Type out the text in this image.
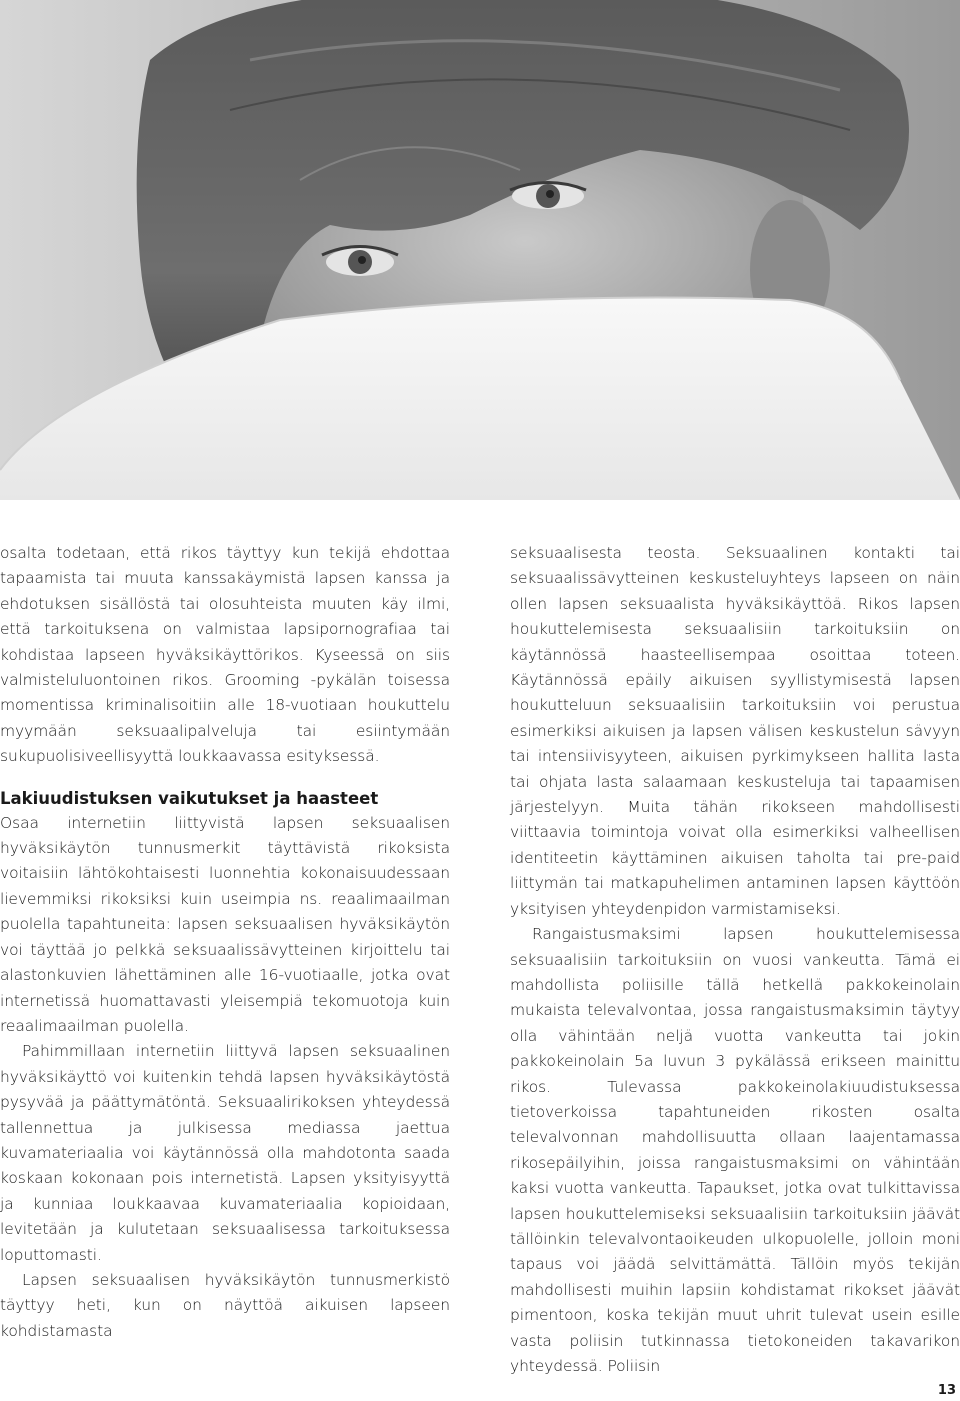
osalta todetaan, että rikos täyttyy kun tekijä ehdottaa tapaamista tai muuta kanssakäymistä lapsen kanssa ja ehdotuksen sisällöstä tai olosuhteista muuten käy ilmi, että tarkoituksena on valmistaa lapsipornografiaa tai kohdistaa lapseen hyväksikäyttörikos. Kyseessä on siis valmisteluluontoinen rikos. Grooming -pykälän toisessa momentissa kriminalisoitiin alle 18-vuotiaan houkuttelu myymään seksuaalipalveluja tai esiintymään sukupuolisiveellisyyttä loukkaavassa esityksessä.

Lakiuudistuksen vaikutukset ja haasteet

Osaa internetiin liittyvistä lapsen seksuaalisen hyväksikäytön tunnusmerkit täyttävistä rikoksista voitaisiin lähtökohtaisesti luonnehtia kokonaisuudessaan lievemmiksi rikoksiksi kuin useimpia ns. reaalimaailman puolella tapahtuneita: lapsen seksuaalisen hyväksikäytön voi täyttää jo pelkkä seksuaalissävytteinen kirjoittelu tai alastonkuvien lähettäminen alle 16-vuotiaalle, jotka ovat internetissä huomattavasti yleisempiä tekomuotoja kuin reaalimaailman puolella.

Pahimmillaan internetiin liittyvä lapsen seksuaalinen hyväksikäyttö voi kuitenkin tehdä lapsen hyväksikäytöstä pysyvää ja päättymätöntä. Seksuaalirikoksen yhteydessä tallennettua ja julkisessa mediassa jaettua kuvamateriaalia voi käytännössä olla mahdotonta saada koskaan kokonaan pois internetistä. Lapsen yksityisyyttä ja kunniaa loukkaavaa kuvamateriaalia kopioidaan, levitetään ja kulutetaan seksuaalisessa tarkoituksessa loputtomasti.

Lapsen seksuaalisen hyväksikäytön tunnusmerkistö täyttyy heti, kun on näyttöä aikuisen lapseen kohdistamasta

seksuaalisesta teosta. Seksuaalinen kontakti tai seksuaalissävytteinen keskusteluyhteys lapseen on näin ollen lapsen seksuaalista hyväksikäyttöä. Rikos lapsen houkuttelemisesta seksuaalisiin tarkoituksiin on käytännössä haasteellisempaa osoittaa toteen. Käytännössä epäily aikuisen syyllistymisestä lapsen houkutteluun seksuaalisiin tarkoituksiin voi perustua esimerkiksi aikuisen ja lapsen välisen keskustelun sävyyn tai intensiivisyyteen, aikuisen pyrkimykseen hallita lasta tai ohjata lasta salaamaan keskusteluja tai tapaamisen järjestelyyn. Muita tähän rikokseen mahdollisesti viittaavia toimintoja voivat olla esimerkiksi valheellisen identiteetin käyttäminen aikuisen taholta tai pre-paid liittymän tai matkapuhelimen antaminen lapsen käyttöön yksityisen yhteydenpidon varmistamiseksi.

Rangaistusmaksimi lapsen houkuttelemisessa seksuaalisiin tarkoituksiin on vuosi vankeutta. Tämä ei mahdollista poliisille tällä hetkellä pakkokeinolain mukaista televalvontaa, jossa rangaistusmaksimin täytyy olla vähintään neljä vuotta vankeutta tai jokin pakkokeinolain 5a luvun 3 pykälässä erikseen mainittu rikos. Tulevassa pakkokeinolakiuudistuksessa tietoverkoissa tapahtuneiden rikosten osalta televalvonnan mahdollisuutta ollaan laajentamassa rikosepäilyihin, joissa rangaistusmaksimi on vähintään kaksi vuotta vankeutta. Tapaukset, jotka ovat tulkittavissa lapsen houkuttelemiseksi seksuaalisiin tarkoituksiin jäävät tällöinkin televalvontaoikeuden ulkopuolelle, jolloin moni tapaus voi jäädä selvittämättä. Tällöin myös tekijän mahdollisesti muihin lapsiin kohdistamat rikokset jäävät pimentoon, koska tekijän muut uhrit tulevat usein esille vasta poliisin tutkinnassa tietokoneiden takavarikon yhteydessä. Poliisin

13
